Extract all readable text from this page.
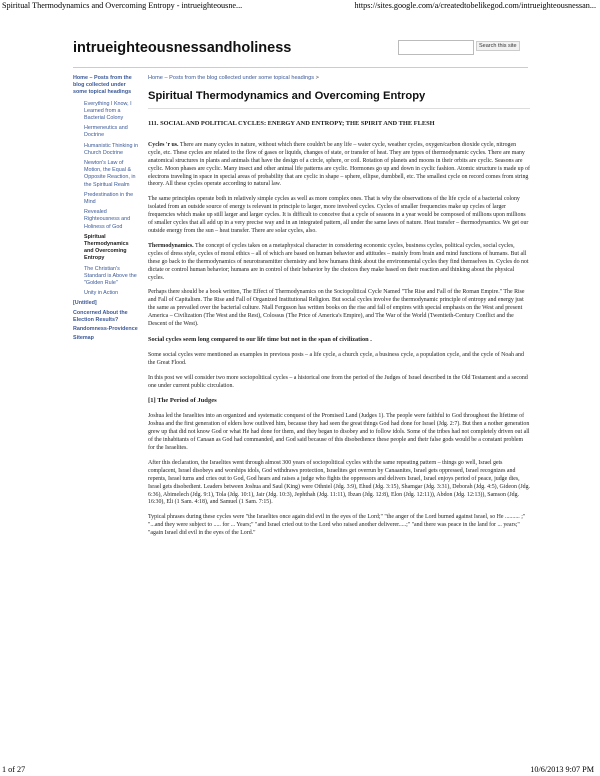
Spiritual Thermodynamics and Overcoming Entropy - intrueighteousne...	https://sites.google.com/a/createdtobelikegod.com/intrueighteousnessan...
intrueighteousnessandholiness	Search this site
Home – Posts from the blog collected under some topical headings
Everything I Know, I Learned from a Bacterial Colony
Hermeneutics and Doctrine
Humanistic Thinking in Church Doctrine
Newton's Law of Motion, the Equal & Opposite Reaction, in the Spiritual Realm
Predestination in the Mind
Revealed Righteousness and Holiness of God
Spiritual Thermodynamics and Overcoming Entropy
The Christian's Standard is Above the "Golden Rule"
Unity in Action
[Untitled]
Concerned About the Election Results?
Randomness-Providence
Sitemap
Home – Posts from the blog collected under some topical headings >
Spiritual Thermodynamics and Overcoming Entropy
111. SOCIAL AND POLITICAL CYCLES: ENERGY AND ENTROPY; THE SPIRIT AND THE FLESH

Cycles 'r us. There are many cycles in nature, without which there couldn't be any life – water cycle, weather cycles, oxygen/carbon dioxide cycle, nitrogen cycle, etc. These cycles are related to the flow of gases or liquids, changes of state, or transfer of heat. They are types of thermodynamic cycles. There are many anatomical structures in plants and animals that have the design of a circle, sphere, or coil. Rotation of planets and moons in their orbits are cyclic. Seasons are cyclic. Moon phases are cyclic. Many insect and other animal life patterns are cyclic. Hormones go up and down in cyclic fashion. Atomic structure is made up of electrons traveling in space in special areas of probability that are cyclic in shape – sphere, ellipse, dumbbell, etc. The smallest cycle on record comes from string theory. All these cycles operate according to natural law.

The same principles operate both in relatively simple cycles as well as more complex ones. That is why the observations of the life cycle of a bacterial colony isolated from an outside source of energy is relevant in principle to larger, more involved cycles. Cycles of smaller frequencies make up cycles of larger frequencies which make up still larger and larger cycles. It is difficult to conceive that a cycle of seasons in a year would be composed of millions upon millions of smaller cycles that all add up in a very precise way and in an integrated pattern, all under the same laws of nature. Heat transfer – thermodynamics. We get our outside energy from the sun – heat transfer. There are solar cycles, also.

Thermodynamics. The concept of cycles takes on a metaphysical character in considering economic cycles, business cycles, political cycles, social cycles, cycles of dress style, cycles of moral ethics – all of which are based on human behavior and attitudes – mainly from brain and mind functions of humans. But all these go back to the thermodynamics of neurotransmitter chemistry and how humans think about the environmental cycles they find themselves in. Cycles do not dictate or control human behavior; humans are in control of their behavior by the choices they make based on their reaction and thinking about the physical cycles.

Perhaps there should be a book written, The Effect of Thermodynamics on the Sociopolitical Cycle Named "The Rise and Fall of the Roman Empire." The Rise and Fall of Capitalism. The Rise and Fall of Organized Institutional Religion. But social cycles involve the thermodynamic principle of entropy and energy just the same as prevailed over the bacterial culture. Niall Ferguson has written books on the rise and fall of empires with special emphasis on the West and present America – Civilization (The West and the Rest), Colossus (The Price of America's Empire), and The War of the World (Twentieth-Century Conflict and the Descent of the West).

Social cycles seem long compared to our life time but not in the span of civilization .

Some social cycles were mentioned as examples in previous posts – a life cycle, a church cycle, a business cycle, a population cycle, and the cycle of Noah and the Great Flood.

In this post we will consider two more sociopolitical cycles – a historical one from the period of the Judges of Israel described in the Old Testament and a second one under current public circulation.

[1] The Period of Judges

Joshua led the Israelites into an organized and systematic conquest of the Promised Land (Judges 1). The people were faithful to God throughout the lifetime of Joshua and the first generation of elders how outlived him, because they had seen the great things God had done for Israel (Jdg. 2:7). But then a nother generation grew up that did not know God or what He had done for them, and they began to disobey and to follow idols. Some of the tribes had not completely driven out all of the inhabitants of Canaan as God had commanded, and God said because of this disobedience these people and their false gods would be a constant problem for the Israelites.

After this declaration, the Israelites went through almost 300 years of sociopolitical cycles with the same repeating pattern – things go well, Israel gets complacent, Israel disobeys and worships idols, God withdraws protection, Israelites get overrun by Canaanites, Israel gets oppressed, Israel recognizes and repents, Israel turns and cries out to God, God hears and raises a judge who fights the oppressors and delivers Israel, Israel enjoys period of peace, judge dies, Israel gets disobedient. Leaders between Joshua and Saul (King) were Othniel (Jdg. 3:9), Ehud (Jdg. 3:15), Shamgar (Jdg. 3:31), Deborah (Jdg. 4:5), Gideon (Jdg. 6:36), Abimelech (Jdg. 9:1), Tola (Jdg. 10:1), Jair (Jdg. 10:3), Jephthah (Jdg. 11:11), Ibzan (Jdg. 12:8), Elon (Jdg. 12:11)), Abdon (Jdg. 12:13)), Samson (Jdg. 16:30), Eli (1 Sam. 4:18), and Samuel (1 Sam. 7:15).

Typical phrases during these cycles were "the Israelites once again did evil in the eyes of the Lord;" "the anger of the Lord burned against Israel, so He .......... ;" "...and they were subject to ..... for ... Years;" "and Israel cried out to the Lord who raised another deliverer.....;" "and there was peace in the land for ... years;" "again Israel did evil in the eyes of the Lord."

1 of 27	10/6/2013 9:07 PM
